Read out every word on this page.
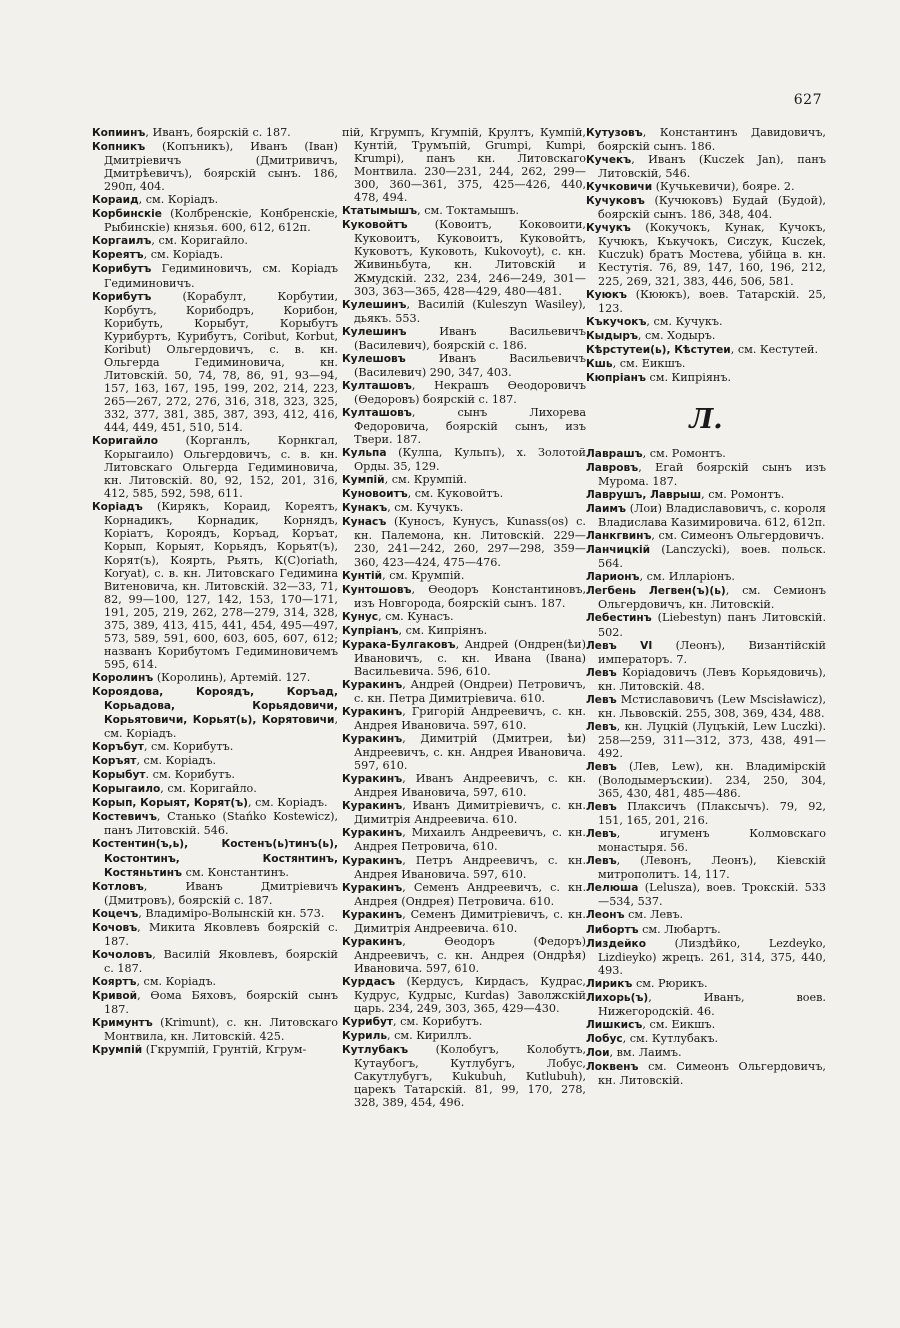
627

Копиинъ, Иванъ, боярскій с. 187.

Копникъ (Копъникъ), Иванъ (Іван) Дмитріевичъ (Дмитривичъ, Дмитрѣевичъ), боярскій сынъ. 186, 290п, 404.

Корaид, см. Коріадъ.

Корбинскіе (Колбренскіе, Конбренскіе, Рыбинскіе) князья. 600, 612, 612п.

Коргаилъ, см. Коригайло.

Кореятъ, см. Коріадъ.

Корибутъ Гедиминовичъ, см. Коріадъ Гедиминовичъ.

Корибутъ (Корабулт, Корбутии, Корбутъ, Корибодръ, Корибон, Корибуть, Корыбут, Корыбутъ Курибуртъ, Курибутъ, Coribut, Korbut, Koribut) Ольгердовичъ, с. в. кн. Ольгерда Гедиминовича, кн. Литовскій. 50, 74, 78, 86, 91, 93—94, 157, 163, 167, 195, 199, 202, 214, 223, 265—267, 272, 276, 316, 318, 323, 325, 332, 377, 381, 385, 387, 393, 412, 416, 444, 449, 451, 510, 514.

Коригайло (Корганлъ, Корнкгал, Корыгаило) Ольгердовичъ, с. в. кн. Литовскаго Ольгерда Гедиминовича, кн. Литовскій. 80, 92, 152, 201, 316, 412, 585, 592, 598, 611.

Коріадъ (Кирякъ, Корaид, Кореятъ, Корнадикъ, Корнадик, Корнядъ, Коріатъ, Короядъ, Коръад, Коръат, Корып, Корыят, Корьядъ, Корьят(ъ), Корят(ъ), Коярть, Рьять, К(С)oriath, Koryat), с. в. кн. Литовскаго Гедимина Витеновича, кн. Литовскій. 32—33, 71, 82, 99—100, 127, 142, 153, 170—171, 191, 205, 219, 262, 278—279, 314, 328, 375, 389, 413, 415, 441, 454, 495—497, 573, 589, 591, 600, 603, 605, 607, 612; названъ Корибутомъ Гедиминовичемъ 595, 614.

Королинъ (Королинь), Артемій. 127.

Короядова, Короядъ, Коръад, Корьадова, Корьядовичи, Корьятовичи, Корьят(ь), Корятовичи, см. Коріадъ.

Коръбут, см. Корибутъ.

Коръят, см. Коріадъ.

Корыбут. см. Корибутъ.

Корыгаило, см. Коригайло.

Корып, Корыят, Корят(ъ), см. Коріадъ.

Костевичъ, Станько (Stańko Kostewicz), панъ Литовскій. 546.

Костентин(ъ,ь), Костенъ(ь)тинъ(ь), Костонтинъ, Костянтинъ, Костяньтинъ см. Константинъ.

Котловъ, Иванъ Дмитріевичъ (Дмитровъ), боярскій с. 187.

Коцечъ, Владиміро-Волынскій кн. 573.

Кочовъ, Микита Яковлевъ боярскій с. 187.

Кочоловъ, Василій Яковлевъ, боярскій с. 187.

Кояртъ, см. Коріадъ.

Кривой, Ѳома Бяховъ, боярскій сынъ 187.

Кримунтъ (Krimunt), с. кн. Литовскаго Монтвила, кн. Литовскій. 425.

Крумпій (Гкрумпій, Грунтій, Кгрум-

пій, Кгрумпъ, Кгумпій, Крултъ, Кумпій, Кунтій, Трумъпій, Grumpi, Kumpi, Krumpi), панъ кн. Литовскаго Монтвила. 230—231, 244, 262, 299—300, 360—361, 375, 425—426, 440, 478, 494.

Ктатымышъ, см. Токтамышъ.

Куковойтъ (Ковоитъ, Коковоити, Куковоитъ, Куковоитъ, Куковойтъ, Куковотъ, Куковоть, Kukovoyt), с. кн. Живиньбута, кн. Литовскій и Жмудскій. 232, 234, 246—249, 301—303, 363—365, 428—429, 480—481.

Кулешинъ, Василій (Kuleszyn Wasiley), дьякъ. 553.

Кулешинъ Иванъ Васильевичъ (Василевич), боярскій с. 186.

Кулешовъ Иванъ Васильевичъ (Василевич) 290, 347, 403.

Култашовъ, Некрашъ Ѳеодоровичъ (Ѳедоровъ) боярскій с. 187.

Култашовъ, сынъ Лихорева Федоровича, боярскій сынъ, изъ Твери. 187.

Кульпа (Кулпа, Кульпъ), х. Золотой Орды. 35, 129.

Кумпій, см. Крумпій.

Куновоитъ, см. Куковойтъ.

Кунакъ, см. Кучукъ.

Кунасъ (Куносъ, Кунусъ, Kunass(os) с. кн. Палемона, кн. Литовскій. 229—230, 241—242, 260, 297—298, 359—360, 423—424, 475—476.

Кунтій, см. Крумпій.

Кунтошовъ, Ѳеодоръ Константиновъ, изъ Новгорода, боярскій сынъ. 187.

Кунус, см. Кунасъ.

Купріанъ, см. Кипріянъ.

Куракa-Булгаковъ, Андрей (Ондрен(ѣи) Ивановичъ, с. кн. Ивана (Івана) Васильевича. 596, 610.

Куракинъ, Андрей (Ондреи) Петровичъ, с. кн. Петра Димитріевича. 610.

Куракинъ, Григорій Андреевичъ, с. кн. Андрея Ивановича. 597, 610.

Куракинъ, Димитрій (Дмитреи, ѣи) Андреевичъ, с. кн. Андрея Ивановича. 597, 610.

Куракинъ, Иванъ Андреевичъ, с. кн. Андрея Ивановича, 597, 610.

Куракинъ, Иванъ Димитріевичъ, с. кн. Димитрія Андреевича. 610.

Куракинъ, Михаилъ Андреевичъ, с. кн. Андрея Петровича, 610.

Куракинъ, Петръ Андреевичъ, с. кн. Андрея Ивановича. 597, 610.

Куракинъ, Семенъ Андреевичъ, с. кн. Андрея (Ондрея) Петровича. 610.

Куракинъ, Семенъ Димитріевичъ, с. кн. Димитрія Андреевича. 610.

Куракинъ, Ѳеодоръ (Федоръ) Андреевичъ, с. кн. Андрея (Ондрѣя) Ивановича. 597, 610.

Курдасъ (Кердусъ, Кирдасъ, Кудрас, Кудрус, Кудрыс, Kurdas) Заволжскій царь. 234, 249, 303, 365, 429—430.

Курибут, см. Корибутъ.

Куриль, см. Кириллъ.

Кутлубакъ (Колобугъ, Колобутъ, Кутаубогъ, Кутлубугъ, Лобус, Сакутлубугъ, Kukubuh, Kutlubuh), царекъ Татарскій. 81, 99, 170, 278, 328, 389, 454, 496.

Кутузовъ, Константинъ Давидовичъ, боярскій сынъ. 186.

Кучекъ, Иванъ (Kuczek Jan), панъ Литовскій, 546.

Кучковичи (Кучькевичи), бояре. 2.

Кучуковъ (Кучюковъ) Будай (Будой), боярскій сынъ. 186, 348, 404.

Кучукъ (Кокучокъ, Кунак, Кучокъ, Кучюкъ, Къкучокъ, Сисzук, Kuczek, Kuczuk) братъ Мостева, убійца в. кн. Кестутія. 76, 89, 147, 160, 196, 212, 225, 269, 321, 383, 446, 506, 581.

Куюкъ (Кююкъ), воев. Татарскій. 25, 123.

Къкучокъ, см. Кучукъ.

Кыдыръ, см. Ходыръ.

Кѣрстутеи(ь), Кѣстутеи, см. Кестутей.

Кшь, см. Еикшъ.

Кюпріанъ см. Кипріянъ.

Л.

Лаврашъ, см. Ромонтъ.

Лавровъ, Егай боярскій сынъ изъ Мурома. 187.

Лаврушъ, Лаврыш, см. Ромонтъ.

Лаимъ (Лои) Владиславовичъ, с. короля Владислава Казимировича. 612, 612п.

Ланкгвинъ, см. Симеонъ Ольгердовичъ.

Ланчицкій (Lanczycki), воев. польск. 564.

Ларионъ, см. Илларіонъ.

Легбень Легвен(ъ)(ь), см. Семионъ Ольгердовичъ, кн. Литовскій.

Лебестинъ (Liebestyn) панъ Литовскій. 502.

Левъ VI (Леонъ), Византійскій императоръ. 7.

Левъ Коріадовичъ (Левъ Корьядовичь), кн. Литовскій. 48.

Левъ Мстиславовичъ (Lew Mscisławicz), кн. Львовскій. 255, 308, 369, 434, 488.

Левъ, кн. Луцкій (Луцъкій, Lew Luczki). 258—259, 311—312, 373, 438, 491—492.

Левъ (Лев, Lew), кн. Владимірскій (Володымеръскии). 234, 250, 304, 365, 430, 481, 485—486.

Левъ Плаксичъ (Плаксычъ). 79, 92, 151, 165, 201, 216.

Левъ, игуменъ Колмовскаго монастыря. 56.

Левъ, (Левонъ, Леонъ), Кіевскій митрополитъ. 14, 117.

Лелюша (Lelusza), воев. Трокскій. 533—534, 537.

Леонъ см. Левъ.

Либортъ см. Любартъ.

Лиздейко (Лиздѣйко, Lezdeyko, Lizdieyko) жрецъ. 261, 314, 375, 440, 493.

Лирикъ см. Рюрикъ.

Лихорь(ъ), Иванъ, воев. Нижегородскій. 46.

Лишкисъ, см. Еикшъ.

Лобус, см. Кутлубакъ.

Лои, вм. Лаимъ.

Локвенъ см. Симеонъ Ольгердовичъ, кн. Литовскій.
